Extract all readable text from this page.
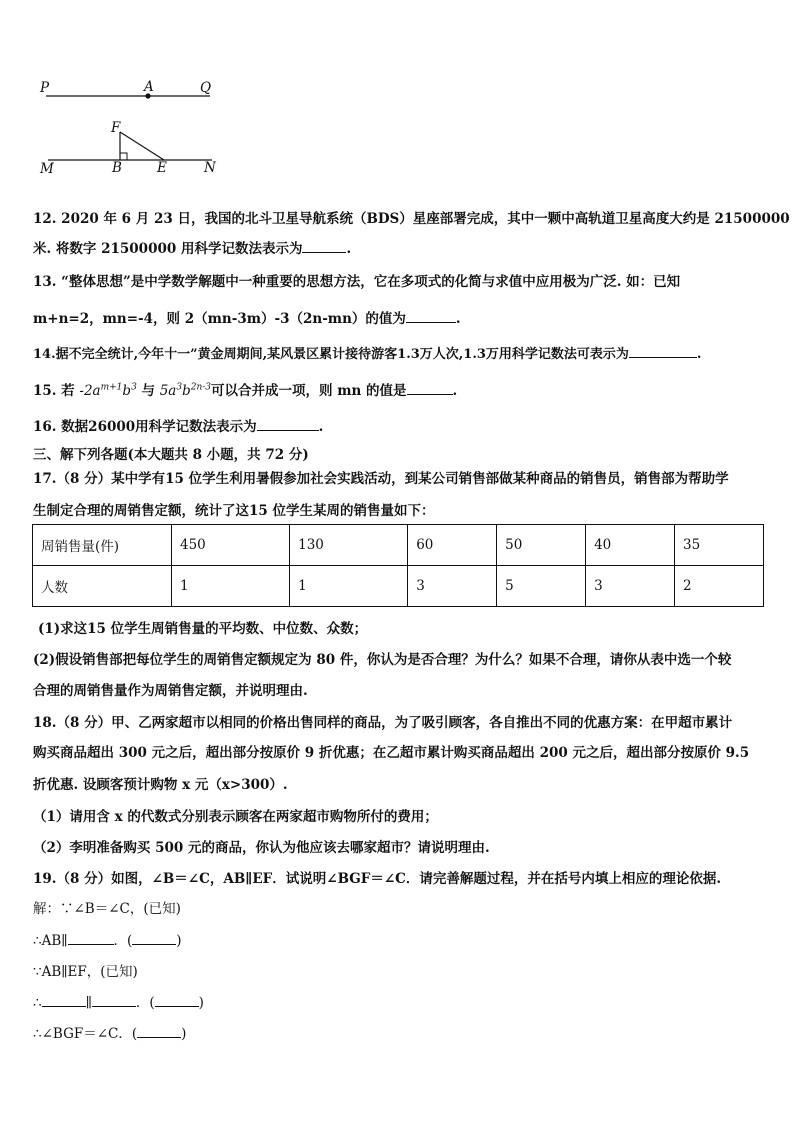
P	A	Q
F
M	B	E	N
12. 2020 年 6 月 23 日，我国的北斗卫星导航系统（BDS）星座部署完成，其中一颗中高轨道卫星高度大约是 21500000
米. 将数字 21500000 用科学记数法表示为	.
13. “整体思想”是中学数学解题中一种重要的思想方法，它在多项式的化简与求值中应用极为广泛. 如：已知
m+n=2，mn=-4，则 2（mn-3m）-3（2n-mn）的值为	.
14.据不完全统计,今年十一”黄金周期间,某风景区累计接待游客1.3万人次,1.3万用科学记数法可表示为	.
15. 若 $-2a^{m+1}b^3$ 与 $5a^3b^{2n-3}$可以合并成一项，则 mn 的值是	.
16. 数据26000用科学记数法表示为	.
三、解下列各题(本大题共 8 小题，共 72 分)
17.（8 分）某中学有15 位学生利用暑假参加社会实践活动，到某公司销售部做某种商品的销售员，销售部为帮助学
生制定合理的周销售定额，统计了这15 位学生某周的销售量如下：
周销售量(件)	450	130	60	50	40	35
人数	1	1	3	5	3	2
(1)求这15 位学生周销售量的平均数、中位数、众数；
(2)假设销售部把每位学生的周销售定额规定为 80 件，你认为是否合理？为什么？如果不合理，请你从表中选一个较
合理的周销售量作为周销售定额，并说明理由.
18.（8 分）甲、乙两家超市以相同的价格出售同样的商品，为了吸引顾客，各自推出不同的优惠方案：在甲超市累计
购买商品超出 300 元之后，超出部分按原价 9 折优惠；在乙超市累计购买商品超出 200 元之后，超出部分按原价 9.5
折优惠. 设顾客预计购物 x 元（x>300）.
（1）请用含 x 的代数式分别表示顾客在两家超市购物所付的费用；
（2）李明准备购买 500 元的商品，你认为他应该去哪家超市？请说明理由.
19.（8 分）如图，∠B＝∠C，AB∥EF．试说明∠BGF＝∠C．请完善解题过程，并在括号内填上相应的理论依据.
解：∵∠B＝∠C，(已知)
∴AB∥	．(	)
∵AB∥EF，(已知)
∴	∥	．(	)
∴∠BGF＝∠C．(	)
